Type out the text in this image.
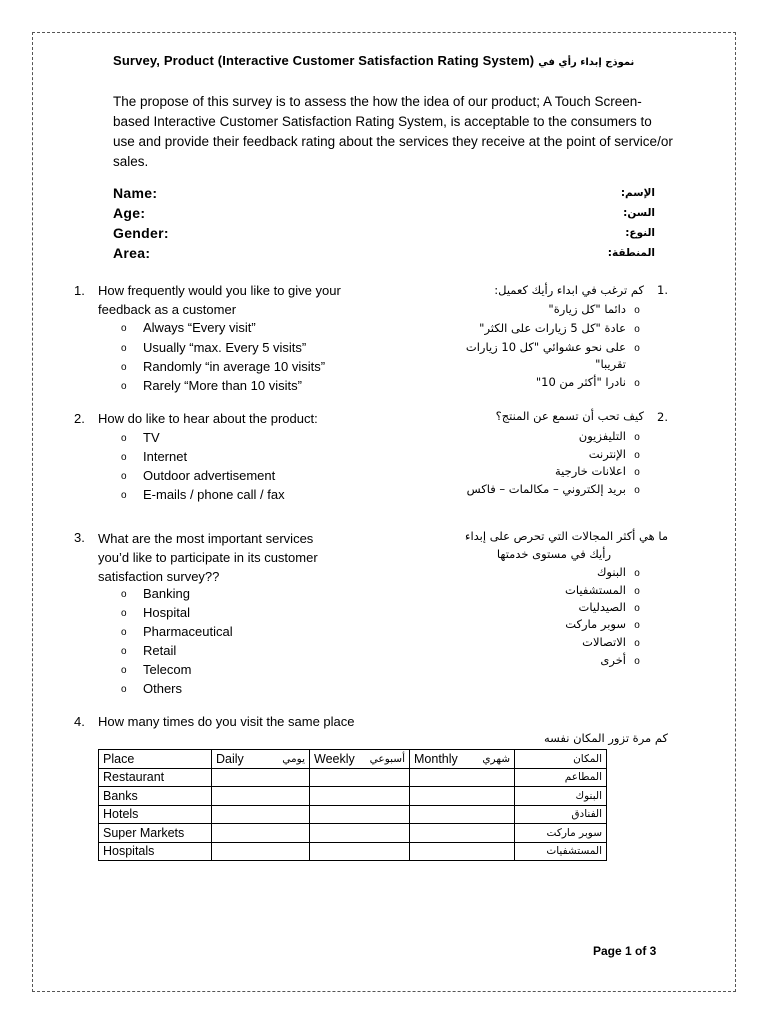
Survey, Product (Interactive Customer Satisfaction Rating System) نموذج إبداء رأي في
The propose of this survey is to assess the how the idea of our product; A Touch Screen-based Interactive Customer Satisfaction Rating System, is acceptable to the consumers to use and provide their feedback rating about the services they receive at the point of service/or sales.
Name:
Age:
Gender:
Area:
الإسم:
السن:
النوع:
المنطقة:
1. How frequently would you like to give your
feedback as a customer
o Always “Every visit”
o Usually “max. Every 5 visits”
o Randomly “in average 10 visits”
o Rarely “More than 10 visits”
.1
كم ترغب في ابداء رأيك كعميل:
oدائما "كل زيارة"
oعادة "كل 5 زيارات على الكثر"
oعلى نحو عشوائي "كل 10 زيارات
تقريبا"
oنادرا "أكثر من 10"
2. How do like to hear about the product:
o TV
o Internet
o Outdoor advertisement
o E-mails / phone call / fax
.2
كيف تحب أن تسمع عن المنتج؟
oالتليفزيون
oالإنترنت
oاعلانات خارجية
oبريد إلكتروني – مكالمات – فاكس
3. What are the most important services
you’d like to participate in its customer
satisfaction survey??
o Banking
o Hospital
o Pharmaceutical
o Retail
o Telecom
o Others
ما هي أكثر المجالات التي تحرص على إبداء
رأيك في مستوى خدمتها
oالبنوك
oالمستشفيات
oالصيدليات
oسوبر ماركت
oالاتصالات
oأخرى
4. How many times do you visit the same place
كم مرة تزور المكان نفسه
Place	Daily يومي	Weekly أسبوعي	Monthly شهري	المكان
Restaurant				المطاعم
Banks				البنوك
Hotels				الفنادق
Super Markets				سوبر ماركت
Hospitals				المستشفيات
Page 1 of 3
